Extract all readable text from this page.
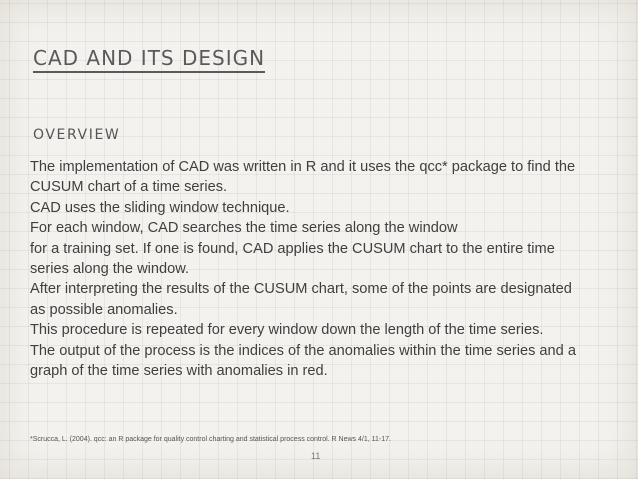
CAD AND ITS DESIGN
OVERVIEW

The implementation of CAD was written in R and it uses the qcc* package to find the

CUSUM chart of a time series.

CAD uses the sliding window technique.

For each window, CAD searches the time series along the window

for a training set. If one is found, CAD applies the CUSUM chart to the entire time

series along the window.

After interpreting the results of the CUSUM chart, some of the points are designated

as possible anomalies.

This procedure is repeated for every window down the length of the time series.

The output of the process is the indices of the anomalies within the time series and a

graph of the time series with anomalies in red.

*Scrucca, L. (2004). qcc: an R package for quality control charting and statistical process control. R News 4/1, 11-17.

11
